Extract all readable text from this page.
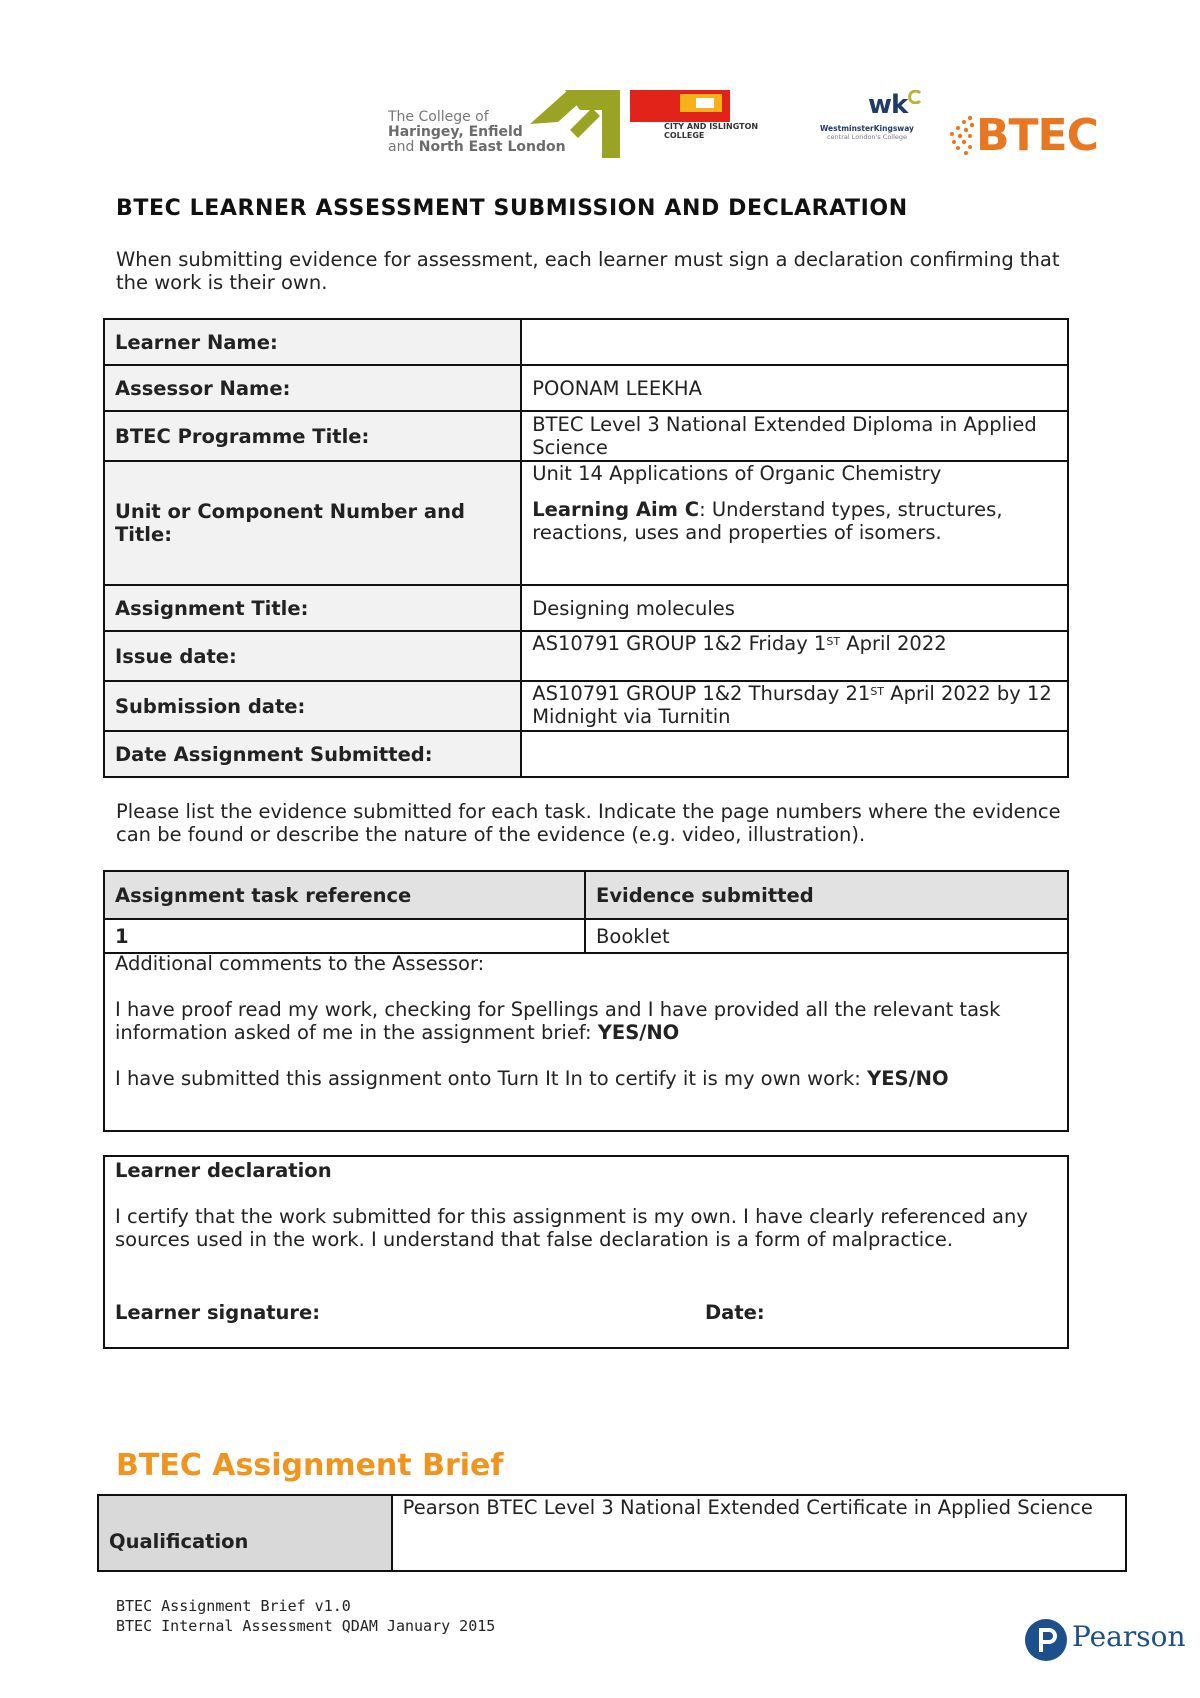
The College of
Haringey, Enfield
and North East London
CITY AND ISLINGTON
COLLEGE
wk
WestminsterKingsway
central London's College	BTEC
BTEC LEARNER ASSESSMENT SUBMISSION AND DECLARATION
When submitting evidence for assessment, each learner must sign a declaration confirming that the work is their own.
Learner Name:	
Assessor Name:	POONAM LEEKHA
BTEC Programme Title:	BTEC Level 3 National Extended Diploma in Applied Science
Unit or Component Number and Title:	Unit 14 Applications of Organic Chemistry
Learning Aim C: Understand types, structures, reactions, uses and properties of isomers.

Assignment Title:	Designing molecules
Issue date:	AS10791 GROUP 1&2 Friday 1ST April 2022
Submission date:	AS10791 GROUP 1&2 Thursday 21ST April 2022 by 12 Midnight via Turnitin
Date Assignment Submitted:	
Please list the evidence submitted for each task. Indicate the page numbers where the evidence can be found or describe the nature of the evidence (e.g. video, illustration).
Assignment task reference	Evidence submitted
1	Booklet

Additional comments to the Assessor:

I have proof read my work, checking for Spellings and I have provided all the relevant task information asked of me in the assignment brief: YES/NO

I have submitted this assignment onto Turn It In to certify it is my own work: YES/NO

Learner declaration

I certify that the work submitted for this assignment is my own. I have clearly referenced any sources used in the work. I understand that false declaration is a form of malpractice.

Learner signature:	Date:
BTEC Assignment Brief
Qualification	Pearson BTEC Level 3 National Extended Certificate in Applied Science
BTEC Assignment Brief v1.0
BTEC Internal Assessment QDAM January 2015	Pearson
